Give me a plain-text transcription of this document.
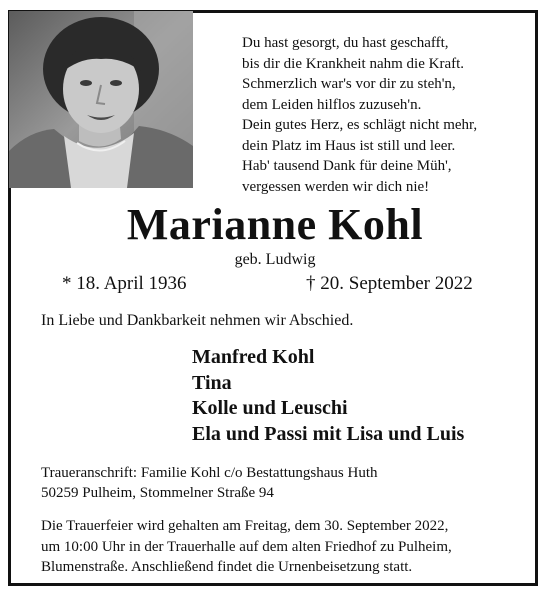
Du hast gesorgt, du hast geschafft,
bis dir die Krankheit nahm die Kraft.
Schmerzlich war's vor dir zu steh'n,
dem Leiden hilflos zuzuseh'n.
Dein gutes Herz, es schlägt nicht mehr,
dein Platz im Haus ist still und leer.
Hab' tausend Dank für deine Müh',
vergessen werden wir dich nie!
Marianne Kohl
geb. Ludwig
* 18. April 1936	† 20. September 2022
In Liebe und Dankbarkeit nehmen wir Abschied.
Manfred Kohl
Tina
Kolle und Leuschi
Ela und Passi mit Lisa und Luis
Traueranschrift: Familie Kohl c/o Bestattungshaus Huth
50259 Pulheim, Stommelner Straße 94
Die Trauerfeier wird gehalten am Freitag, dem 30. September 2022,
um 10:00 Uhr in der Trauerhalle auf dem alten Friedhof zu Pulheim,
Blumenstraße. Anschließend findet die Urnenbeisetzung statt.
